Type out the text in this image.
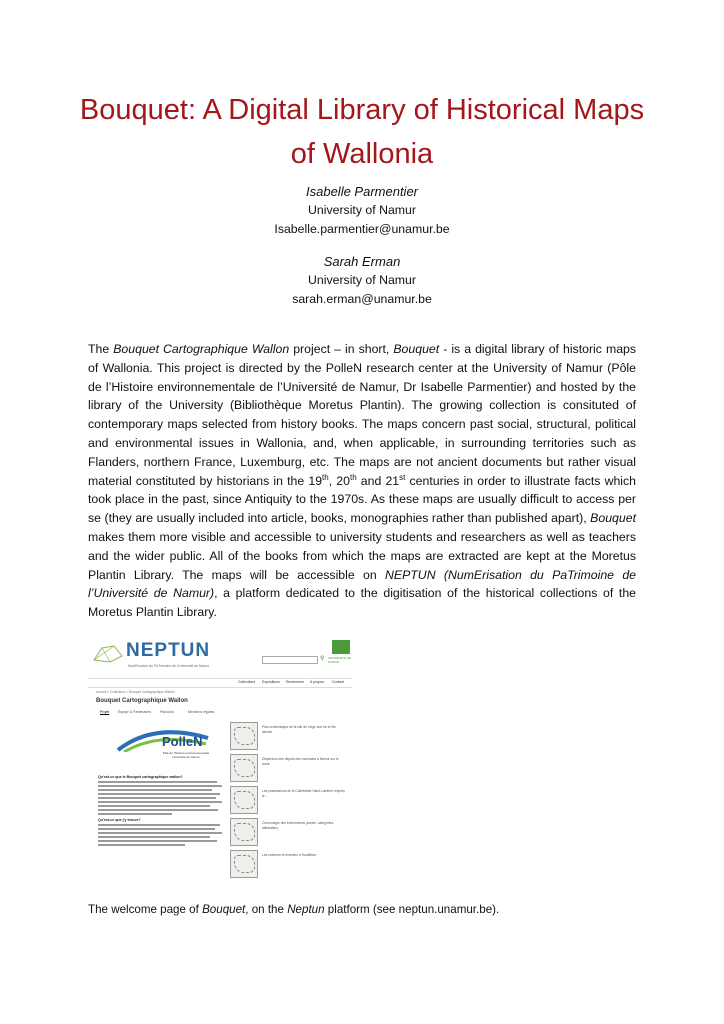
Bouquet: A Digital Library of Historical Maps
of Wallonia
Isabelle Parmentier
University of Namur
Isabelle.parmentier@unamur.be
Sarah Erman
University of Namur
sarah.erman@unamur.be
The Bouquet Cartographique Wallon project – in short, Bouquet - is a digital library of historic maps of Wallonia. This project is directed by the PolleN research center at the University of Namur (Pôle de l’Histoire environnementale de l’Université de Namur, Dr Isabelle Parmentier) and hosted by the library of the University (Bibliothèque Moretus Plantin). The growing collection is consituted of contemporary maps selected from history books. The maps concern past social, structural, political and environmental issues in Wallonia, and, when applicable, in surrounding territories such as Flanders, northern France, Luxemburg, etc. The maps are not ancient documents but rather visual material constituted by historians in the 19th, 20th and 21st centuries in order to illustrate facts which took place in the past, since Antiquity to the 1970s. As these maps are usually difficult to access per se (they are usually included into article, books, monographies rather than published apart), Bouquet makes them more visible and accessible to university students and researchers as well as teachers and the wider public. All of the books from which the maps are extracted are kept at the Moretus Plantin Library. The maps will be accessible on NEPTUN (NumErisation du PaTrimoine de l’Université de Namur), a platform dedicated to the digitisation of the historical collections of the Moretus Plantin Library.
NEPTUN
NumErisation du PaTrimoine de l'Université de Namur
⚲ UNIVERSITÉ DE NAMUR
Collections Expositions Rechercher À propos Contact
Accueil > Collections > Bouquet Cartographique Wallon
Bouquet Cartographique Wallon
Projet	Équipe & Partenaires	Parcours	Mentions légales
PolleN
Pôle de l'histoire environnementale Université de Namur
Qu'est-ce que le Bouquet cartographique wallon?
Qu'est-ce que j'y trouve?
Plan schématique de la cité de Liège aux IIe et IIIe siècles
Dispersion des dépôts des monnaies à Namur sur le socle
Les possessions de la Cathédrale Saint-Lambert d'après le...
Chronologie des événements (année, catégories, attestation)
Les lumières et émeutes à Houffalize
The welcome page of Bouquet, on the Neptun platform (see neptun.unamur.be).
